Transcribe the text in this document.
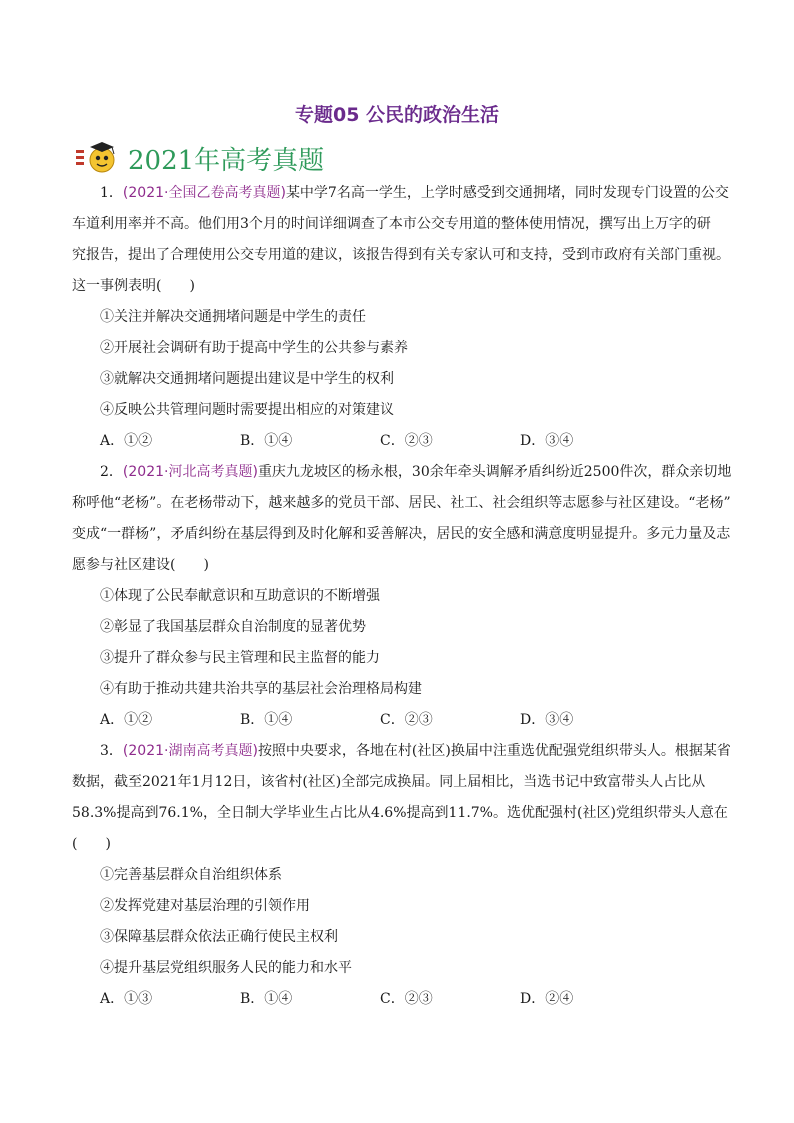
专题05 公民的政治生活
2021年高考真题
1．(2021·全国乙卷高考真题)某中学7名高一学生，上学时感受到交通拥堵，同时发现专门设置的公交
车道利用率并不高。他们用3个月的时间详细调查了本市公交专用道的整体使用情况，撰写出上万字的研
究报告，提出了合理使用公交专用道的建议，该报告得到有关专家认可和支持，受到市政府有关部门重视。
这一事例表明(　　)
①关注并解决交通拥堵问题是中学生的责任
②开展社会调研有助于提高中学生的公共参与素养
③就解决交通拥堵问题提出建议是中学生的权利
④反映公共管理问题时需要提出相应的对策建议
A．①②	B．①④	C．②③	D．③④
2．(2021·河北高考真题)重庆九龙坡区的杨永根，30余年牵头调解矛盾纠纷近2500件次，群众亲切地
称呼他“老杨”。在老杨带动下，越来越多的党员干部、居民、社工、社会组织等志愿参与社区建设。“老杨”
变成“一群杨”，矛盾纠纷在基层得到及时化解和妥善解决，居民的安全感和满意度明显提升。多元力量及志
愿参与社区建设(　　)
①体现了公民奉献意识和互助意识的不断增强
②彰显了我国基层群众自治制度的显著优势
③提升了群众参与民主管理和民主监督的能力
④有助于推动共建共治共享的基层社会治理格局构建
A．①②	B．①④	C．②③	D．③④
3．(2021·湖南高考真题)按照中央要求，各地在村(社区)换届中注重选优配强党组织带头人。根据某省
数据，截至2021年1月12日，该省村(社区)全部完成换届。同上届相比，当选书记中致富带头人占比从
58.3%提高到76.1%，全日制大学毕业生占比从4.6%提高到11.7%。选优配强村(社区)党组织带头人意在
(　　)
①完善基层群众自治组织体系
②发挥党建对基层治理的引领作用
③保障基层群众依法正确行使民主权利
④提升基层党组织服务人民的能力和水平
A．①③	B．①④	C．②③	D．②④
